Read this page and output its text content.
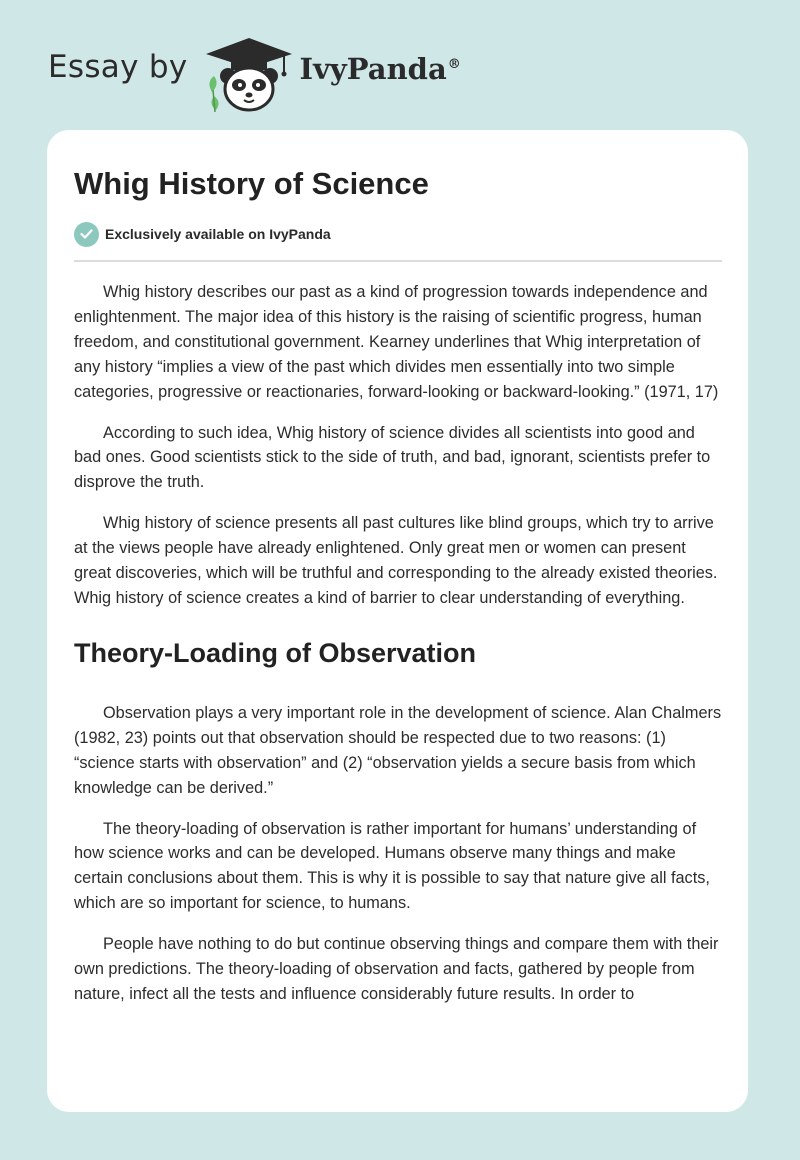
Essay by	IvyPanda®
Whig History of Science
Exclusively available on IvyPanda

Whig history describes our past as a kind of progression towards independence and enlightenment. The major idea of this history is the raising of scientific progress, human freedom, and constitutional government. Kearney underlines that Whig interpretation of any history “implies a view of the past which divides men essentially into two simple categories, progressive or reactionaries, forward-looking or backward-looking.” (1971, 17)

According to such idea, Whig history of science divides all scientists into good and bad ones. Good scientists stick to the side of truth, and bad, ignorant, scientists prefer to disprove the truth.

Whig history of science presents all past cultures like blind groups, which try to arrive at the views people have already enlightened. Only great men or women can present great discoveries, which will be truthful and corresponding to the already existed theories. Whig history of science creates a kind of barrier to clear understanding of everything.

Theory-Loading of Observation

Observation plays a very important role in the development of science. Alan Chalmers (1982, 23) points out that observation should be respected due to two reasons: (1) “science starts with observation” and (2) “observation yields a secure basis from which knowledge can be derived.”

The theory-loading of observation is rather important for humans’ understanding of how science works and can be developed. Humans observe many things and make certain conclusions about them. This is why it is possible to say that nature give all facts, which are so important for science, to humans.

People have nothing to do but continue observing things and compare them with their own predictions. The theory-loading of observation and facts, gathered by people from nature, infect all the tests and influence considerably future results. In order to
